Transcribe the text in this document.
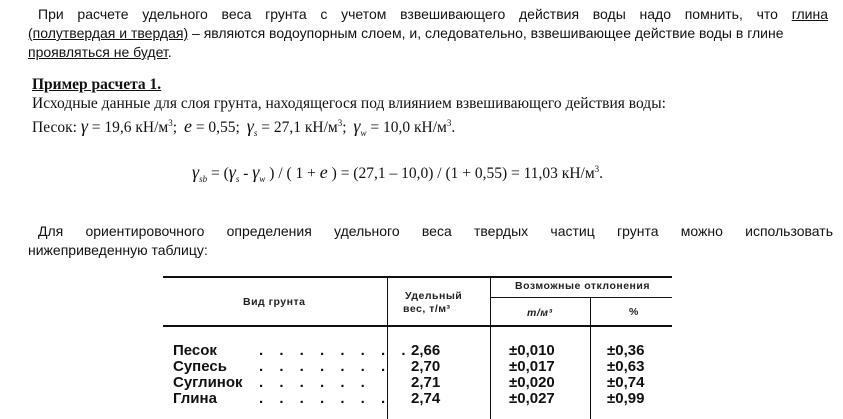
При расчете удельного веса грунта с учетом взвешивающего действия воды надо помнить, что глина
(полутвердая и твердая) – являются водоупорным слоем, и, следовательно, взвешивающее действие воды в глине
проявляться не будет.
Пример расчета 1.
Исходные данные для слоя грунта, находящегося под влиянием взвешивающего действия воды:
Песок: γ = 19,6 $кН/м^3$; e = 0,55; $\gamma_s = 27,1$ $кН/м^3$; $\gamma_w = 10,0$ $кН/м^3$.
$\gamma_{sb} = (\gamma_s - \gamma_w$ ) / ( 1 + e ) = (27,1 – 10,0) / (1 + 0,55) = 11,03 $кН/м^3$.
Для ориентировочного определения удельного веса твердых частиц грунта можно использовать
нижеприведенную таблицу:
Вид грунта	Удельный
вес, т/м³
Возможные отклонения
т/м³	%
Песок	. . . . . . . . 2,66	±0,010	±0,36
Супесь . . . . . . . 2,70	±0,017	±0,63
Суглинок . . . . . .	2,71	±0,020	±0,74
Глина	. . . . . . . 2,74	±0,027	±0,99
